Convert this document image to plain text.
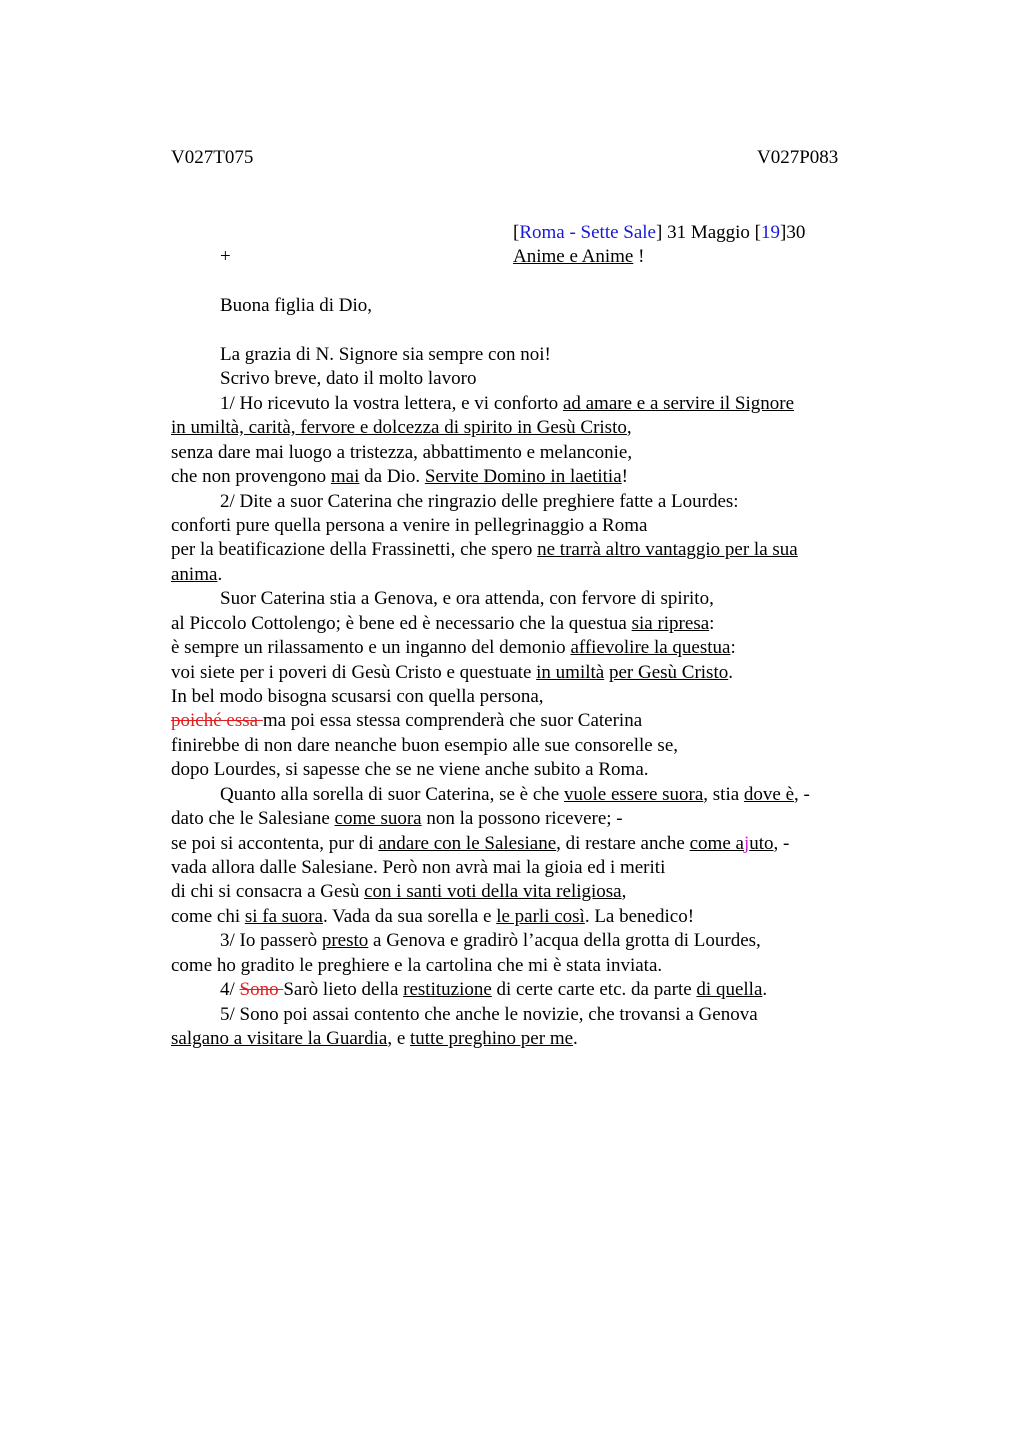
V027T075	V027P083
[Roma - Sette Sale] 31 Maggio [19]30
+	Anime e Anime !
Buona figlia di Dio,
La grazia di N. Signore sia sempre con noi!
Scrivo breve, dato il molto lavoro
1/ Ho ricevuto la vostra lettera, e vi conforto ad amare e a servire il Signore
in umiltà, carità, fervore e dolcezza di spirito in Gesù Cristo,
senza dare mai luogo a tristezza, abbattimento e melanconie,
che non provengono mai da Dio. Servite Domino in laetitia!
2/ Dite a suor Caterina che ringrazio delle preghiere fatte a Lourdes:
conforti pure quella persona a venire in pellegrinaggio a Roma
per la beatificazione della Frassinetti, che spero ne trarrà altro vantaggio per la sua
anima.
Suor Caterina stia a Genova, e ora attenda, con fervore di spirito,
al Piccolo Cottolengo; è bene ed è necessario che la questua sia ripresa:
è sempre un rilassamento e un inganno del demonio affievolire la questua:
voi siete per i poveri di Gesù Cristo e questuate in umiltà per Gesù Cristo.
In bel modo bisogna scusarsi con quella persona,
poiché essa ma poi essa stessa comprenderà che suor Caterina
finirebbe di non dare neanche buon esempio alle sue consorelle se,
dopo Lourdes, si sapesse che se ne viene anche subito a Roma.
Quanto alla sorella di suor Caterina, se è che vuole essere suora, stia dove è, -
dato che le Salesiane come suora non la possono ricevere; -
se poi si accontenta, pur di andare con le Salesiane, di restare anche come ajuto, -
vada allora dalle Salesiane. Però non avrà mai la gioia ed i meriti
di chi si consacra a Gesù con i santi voti della vita religiosa,
come chi si fa suora. Vada da sua sorella e le parli così. La benedico!
3/ Io passerò presto a Genova e gradirò l’acqua della grotta di Lourdes,
come ho gradito le preghiere e la cartolina che mi è stata inviata.
4/ Sono Sarò lieto della restituzione di certe carte etc. da parte di quella.
5/ Sono poi assai contento che anche le novizie, che trovansi a Genova
salgano a visitare la Guardia, e tutte preghino per me.
